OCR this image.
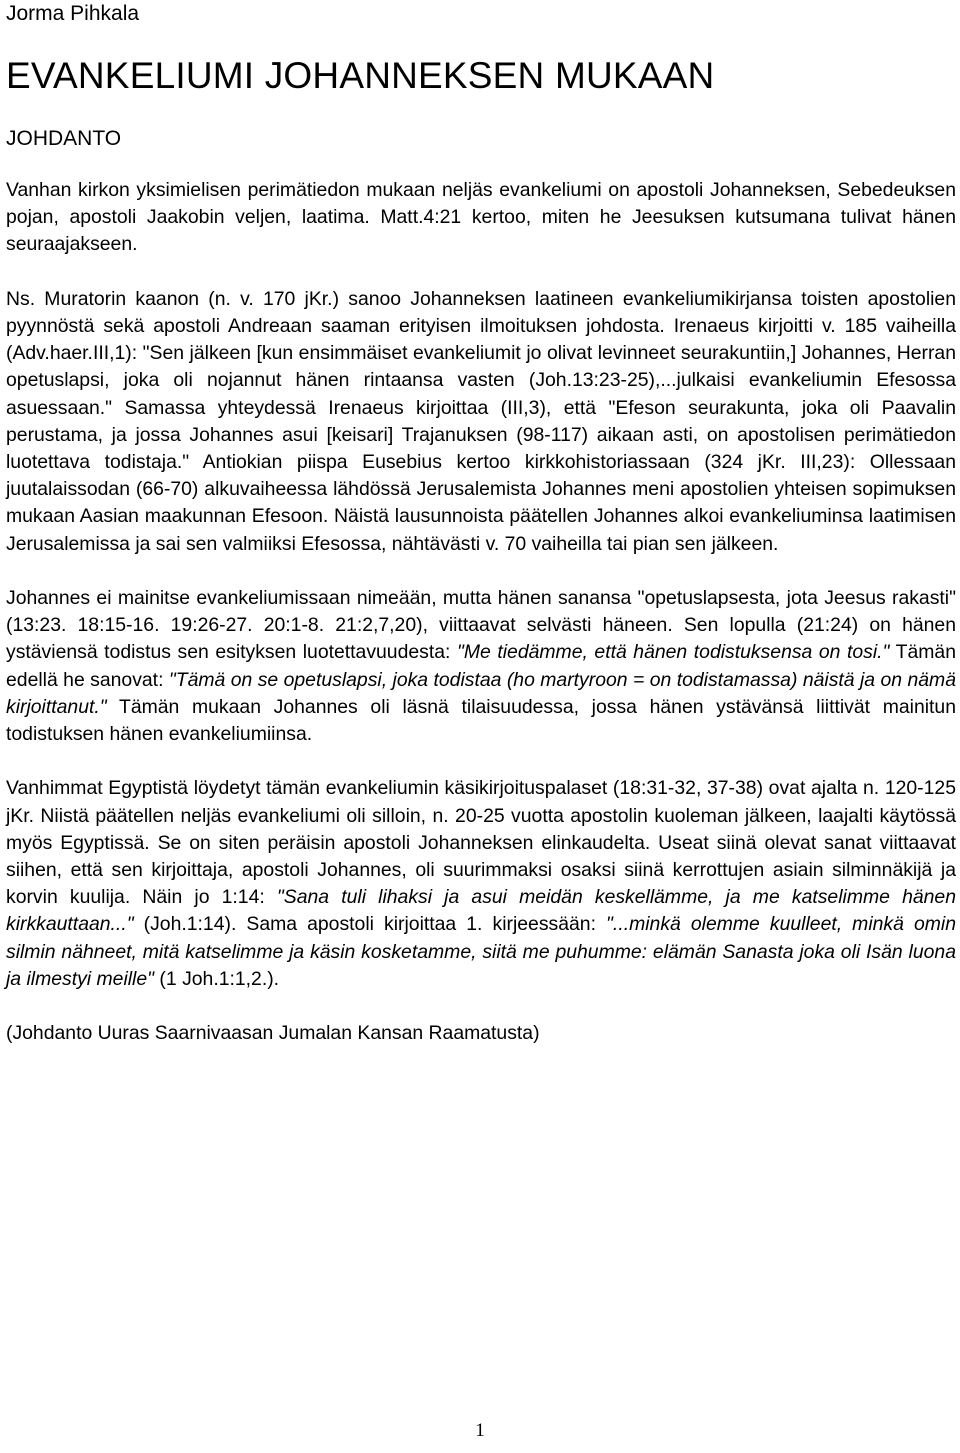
Jorma Pihkala
EVANKELIUMI JOHANNEKSEN MUKAAN
JOHDANTO

Vanhan kirkon yksimielisen perimätiedon mukaan neljäs evankeliumi on apostoli Johanneksen, Sebedeuksen pojan, apostoli Jaakobin veljen, laatima. Matt.4:21 kertoo, miten he Jeesuksen kutsumana tulivat hänen seuraajakseen.

Ns. Muratorin kaanon (n. v. 170 jKr.) sanoo Johanneksen laatineen evankeliumikirjansa toisten apostolien pyynnöstä sekä apostoli Andreaan saaman erityisen ilmoituksen johdosta. Irenaeus kirjoitti v. 185 vaiheilla (Adv.haer.III,1): "Sen jälkeen [kun ensimmäiset evankeliumit jo olivat levinneet seurakuntiin,] Johannes, Herran opetuslapsi, joka oli nojannut hänen rintaansa vasten (Joh.13:23-25),...julkaisi evankeliumin Efesossa asuessaan." Samassa yhteydessä Irenaeus kirjoittaa (III,3), että "Efeson seurakunta, joka oli Paavalin perustama, ja jossa Johannes asui [keisari] Trajanuksen (98-117) aikaan asti, on apostolisen perimätiedon luotettava todistaja." Antiokian piispa Eusebius kertoo kirkkohistoriassaan (324 jKr. III,23): Ollessaan juutalaissodan (66-70) alkuvaiheessa lähdössä Jerusalemista Johannes meni apostolien yhteisen sopimuksen mukaan Aasian maakunnan Efesoon. Näistä lausunnoista päätellen Johannes alkoi evankeliuminsa laatimisen Jerusalemissa ja sai sen valmiiksi Efesossa, nähtävästi v. 70 vaiheilla tai pian sen jälkeen.

Johannes ei mainitse evankeliumissaan nimeään, mutta hänen sanansa "opetuslapsesta, jota Jeesus rakasti" (13:23. 18:15-16. 19:26-27. 20:1-8. 21:2,7,20), viittaavat selvästi häneen. Sen lopulla (21:24) on hänen ystäviensä todistus sen esityksen luotettavuudesta: "Me tiedämme, että hänen todistuksensa on tosi." Tämän edellä he sanovat: "Tämä on se opetuslapsi, joka todistaa (ho martyroon = on todistamassa) näistä ja on nämä kirjoittanut." Tämän mukaan Johannes oli läsnä tilaisuudessa, jossa hänen ystävänsä liittivät mainitun todistuksen hänen evankeliumiinsa.

Vanhimmat Egyptistä löydetyt tämän evankeliumin käsikirjoituspalaset (18:31-32, 37-38) ovat ajalta n. 120-125 jKr. Niistä päätellen neljäs evankeliumi oli silloin, n. 20-25 vuotta apostolin kuoleman jälkeen, laajalti käytössä myös Egyptissä. Se on siten peräisin apostoli Johanneksen elinkaudelta. Useat siinä olevat sanat viittaavat siihen, että sen kirjoittaja, apostoli Johannes, oli suurimmaksi osaksi siinä kerrottujen asiain silminnäkijä ja korvin kuulija. Näin jo 1:14: "Sana tuli lihaksi ja asui meidän keskellämme, ja me katselimme hänen kirkkauttaan..." (Joh.1:14). Sama apostoli kirjoittaa 1. kirjeessään: "...minkä olemme kuulleet, minkä omin silmin nähneet, mitä katselimme ja käsin kosketamme, siitä me puhumme: elämän Sanasta joka oli Isän luona ja ilmestyi meille" (1 Joh.1:1,2.).

(Johdanto Uuras Saarnivaasan Jumalan Kansan Raamatusta)

1
